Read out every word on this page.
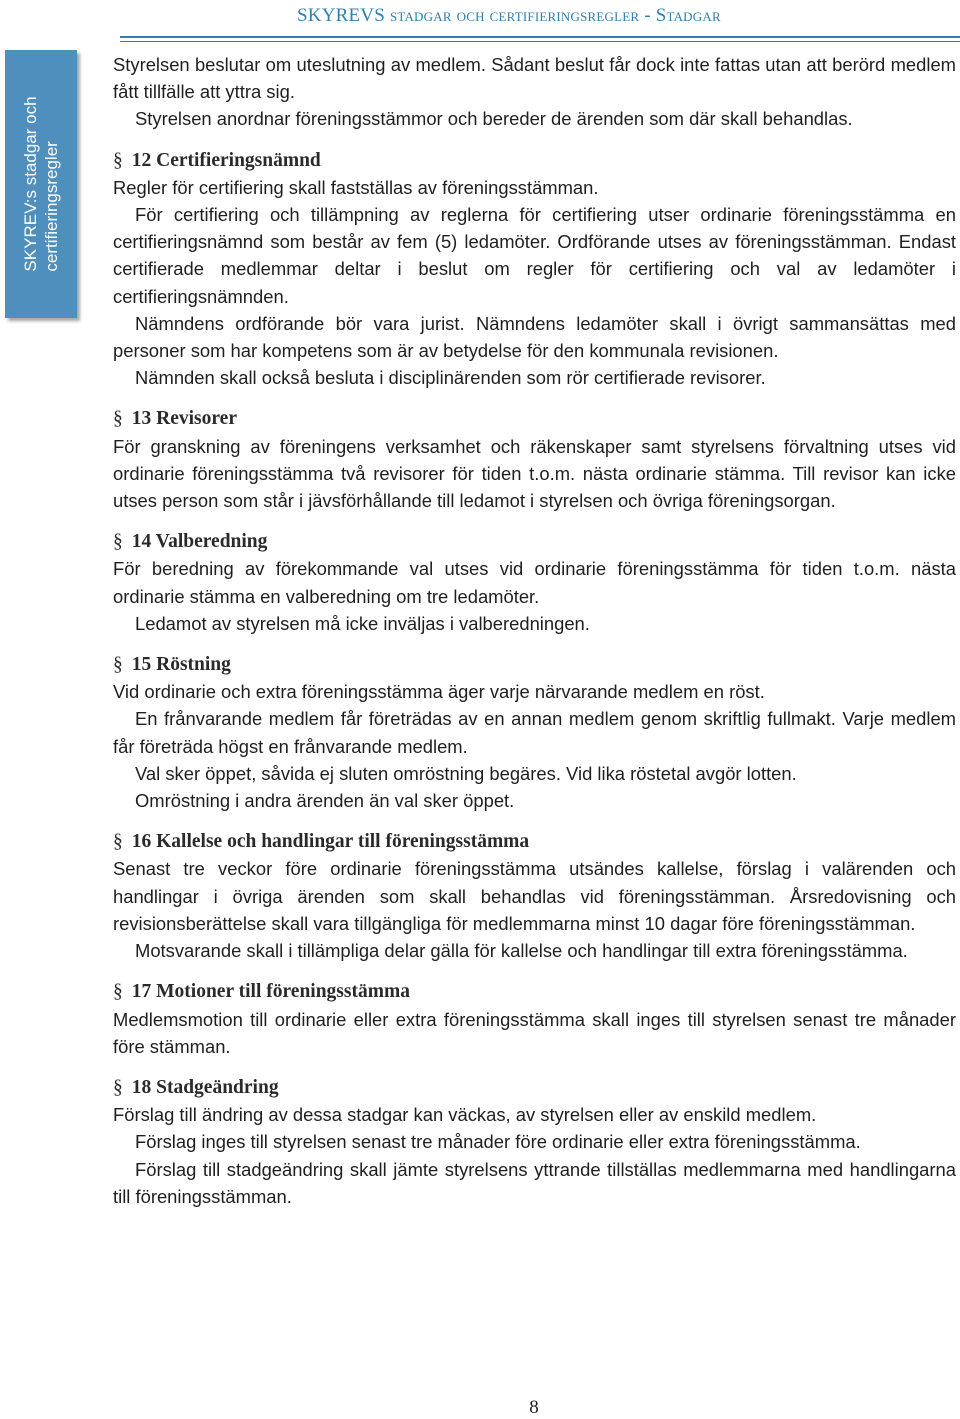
SKYREVS stadgar och certifieringsregler - Stadgar
SKYREV:s stadgar och certifieringsregler

Styrelsen beslutar om uteslutning av medlem. Sådant beslut får dock inte fattas utan att berörd medlem fått tillfälle att yttra sig.

Styrelsen anordnar föreningsstämmor och bereder de ärenden som där skall behandlas.

§ 12 Certifieringsnämnd

Regler för certifiering skall fastställas av föreningsstämman.

För certifiering och tillämpning av reglerna för certifiering utser ordinarie föreningsstämma en certifieringsnämnd som består av fem (5) ledamöter. Ordförande utses av föreningsstämman. Endast certifierade medlemmar deltar i beslut om regler för certifiering och val av ledamöter i certifieringsnämnden.

Nämndens ordförande bör vara jurist. Nämndens ledamöter skall i övrigt sammansättas med personer som har kompetens som är av betydelse för den kommunala revisionen.

Nämnden skall också besluta i disciplinärenden som rör certifierade revisorer.

§ 13 Revisorer

För granskning av föreningens verksamhet och räkenskaper samt styrelsens förvaltning utses vid ordinarie föreningsstämma två revisorer för tiden t.o.m. nästa ordinarie stämma. Till revisor kan icke utses person som står i jävsförhållande till ledamot i styrelsen och övriga föreningsorgan.

§ 14 Valberedning

För beredning av förekommande val utses vid ordinarie föreningsstämma för tiden t.o.m. nästa ordinarie stämma en valberedning om tre ledamöter.

Ledamot av styrelsen må icke inväljas i valberedningen.

§ 15 Röstning

Vid ordinarie och extra föreningsstämma äger varje närvarande medlem en röst.

En frånvarande medlem får företrädas av en annan medlem genom skriftlig fullmakt. Varje medlem får företräda högst en frånvarande medlem.

Val sker öppet, såvida ej sluten omröstning begäres. Vid lika röstetal avgör lotten.

Omröstning i andra ärenden än val sker öppet.

§ 16 Kallelse och handlingar till föreningsstämma

Senast tre veckor före ordinarie föreningsstämma utsändes kallelse, förslag i valärenden och handlingar i övriga ärenden som skall behandlas vid föreningsstämman. Årsredovisning och revisionsberättelse skall vara tillgängliga för medlemmarna minst 10 dagar före föreningsstämman.

Motsvarande skall i tillämpliga delar gälla för kallelse och handlingar till extra föreningsstämma.

§ 17 Motioner till föreningsstämma

Medlemsmotion till ordinarie eller extra föreningsstämma skall inges till styrelsen senast tre månader före stämman.

§ 18 Stadgeändring

Förslag till ändring av dessa stadgar kan väckas, av styrelsen eller av enskild medlem.

Förslag inges till styrelsen senast tre månader före ordinarie eller extra föreningsstämma.

Förslag till stadgeändring skall jämte styrelsens yttrande tillställas medlemmarna med handlingarna till föreningsstämman.

8
